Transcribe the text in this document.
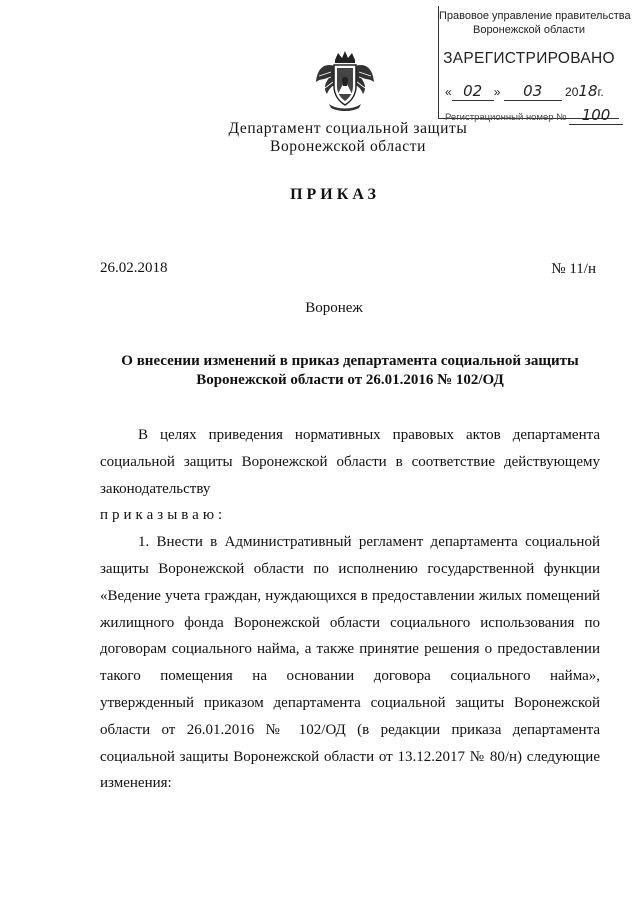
Правовое управление правительства
Воронежской области
ЗАРЕГИСТРИРОВАНО
« 02 » 03 2018г.
Регистрационный номер № 100
Департамент социальной защиты
Воронежской области
ПРИКАЗ
26.02.2018	№ 11/н
Воронеж
О внесении изменений в приказ департамента социальной защиты
Воронежской области от 26.01.2016 № 102/ОД
В целях приведения нормативных правовых актов департамента
социальной защиты Воронежской области в соответствие действующему
законодательству
приказываю:
1. Внести в Административный регламент департамента социальной
защиты Воронежской области по исполнению государственной функции
«Ведение учета граждан, нуждающихся в предоставлении жилых помещений
жилищного фонда Воронежской области социального использования по
договорам социального найма, а также принятие решения о предоставлении
такого помещения на основании договора социального найма»,
утвержденный приказом департамента социальной защиты Воронежской
области от 26.01.2016 № 102/ОД (в редакции приказа департамента
социальной защиты Воронежской области от 13.12.2017 № 80/н) следующие
изменения:
